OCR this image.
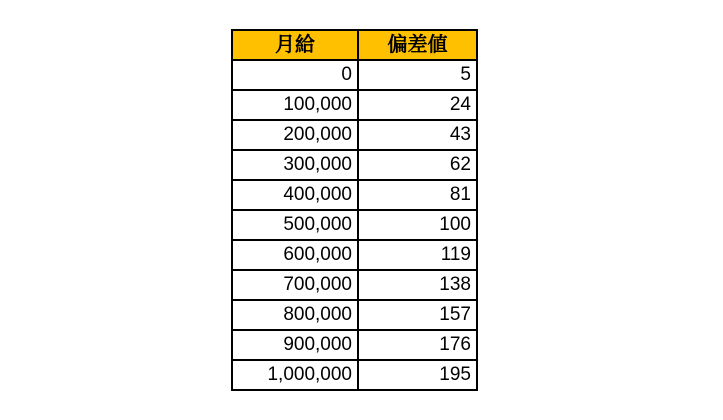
月給	偏差値
0	5
100,000	24
200,000	43
300,000	62
400,000	81
500,000	100
600,000	119
700,000	138
800,000	157
900,000	176
1,000,000	195
